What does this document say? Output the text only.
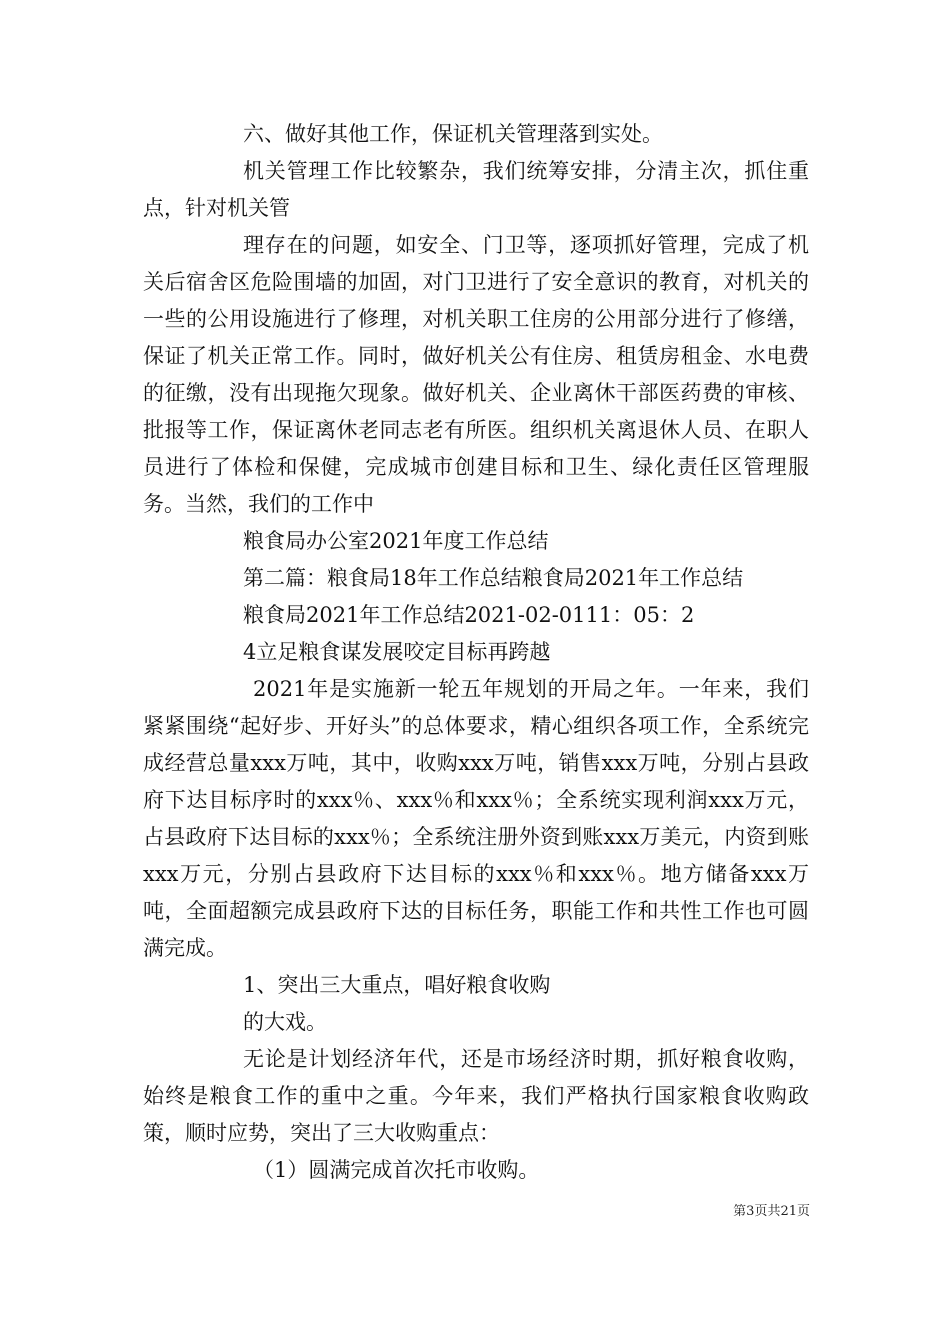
六、做好其他工作，保证机关管理落到实处。

机关管理工作比较繁杂，我们统筹安排，分清主次，抓住重点，针对机关管

理存在的问题，如安全、门卫等，逐项抓好管理，完成了机关后宿舍区危险围墙的加固，对门卫进行了安全意识的教育，对机关的一些的公用设施进行了修理，对机关职工住房的公用部分进行了修缮，保证了机关正常工作。同时，做好机关公有住房、租赁房租金、水电费的征缴，没有出现拖欠现象。做好机关、企业离休干部医药费的审核、批报等工作，保证离休老同志老有所医。组织机关离退休人员、在职人员进行了体检和保健，完成城市创建目标和卫生、绿化责任区管理服务。当然，我们的工作中

粮食局办公室2021年度工作总结

第二篇：粮食局18年工作总结粮食局2021年工作总结

粮食局2021年工作总结2021-02-0111：05：2

4立足粮食谋发展咬定目标再跨越

2021年是实施新一轮五年规划的开局之年。一年来，我们紧紧围绕“起好步、开好头”的总体要求，精心组织各项工作，全系统完成经营总量xxx万吨，其中，收购xxx万吨，销售xxx万吨，分别占县政府下达目标序时的xxx％、xxx％和xxx％；全系统实现利润xxx万元，占县政府下达目标的xxx％；全系统注册外资到账xxx万美元，内资到账xxx万元，分别占县政府下达目标的xxx％和xxx％。地方储备xxx万吨，全面超额完成县政府下达的目标任务，职能工作和共性工作也可圆满完成。

1、突出三大重点，唱好粮食收购

的大戏。

无论是计划经济年代，还是市场经济时期，抓好粮食收购，始终是粮食工作的重中之重。今年来，我们严格执行国家粮食收购政策，顺时应势，突出了三大收购重点：

（1）圆满完成首次托市收购。

第3页共21页
